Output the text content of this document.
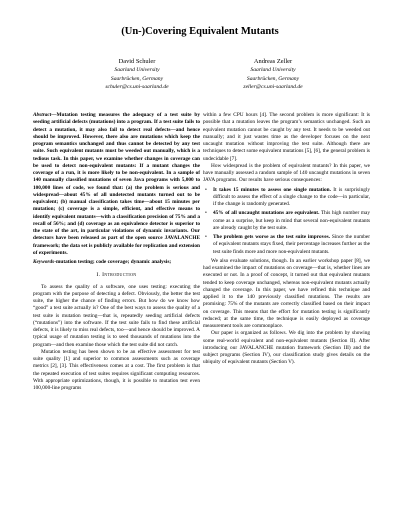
(Un-)Covering Equivalent Mutants
David Schuler
Saarland University
Saarbrücken, Germany
schuler@cs.uni-saarland.de
Andreas Zeller
Saarland University
Saarbrücken, Germany
zeller@cs.uni-saarland.de

Abstract—Mutation testing measures the adequacy of a test suite by seeding artificial defects (mutations) into a program. If a test suite fails to detect a mutation, it may also fail to detect real defects—and hence should be improved. However, there also are mutations which keep the program semantics unchanged and thus cannot be detected by any test suite. Such equivalent mutants must be weeded out manually, which is a tedious task. In this paper, we examine whether changes in coverage can be used to detect non-equivalent mutants: If a mutant changes the coverage of a run, it is more likely to be non-equivalent. In a sample of 140 manually classified mutations of seven Java programs with 5,000 to 100,000 lines of code, we found that: (a) the problem is serious and widespread—about 45% of all undetected mutants turned out to be equivalent; (b) manual classification takes time—about 15 minutes per mutation; (c) coverage is a simple, efficient, and effective means to identify equivalent mutants—with a classification precision of 75% and a recall of 56%; and (d) coverage as an equivalence detector is superior to the state of the art, in particular violations of dynamic invariants. Our detectors have been released as part of the open source JAVALANCHE framework; the data set is publicly available for replication and extension of experiments.

Keywords-mutation testing; code coverage; dynamic analysis;

I. Introduction

To assess the quality of a software, one uses testing: executing the program with the purpose of detecting a defect. Obviously, the better the test suite, the higher the chance of finding errors. But how do we know how “good” a test suite actually is? One of the best ways to assess the quality of a test suite is mutation testing—that is, repeatedly seeding artificial defects (“mutations”) into the software. If the test suite fails to find these artificial defects, it is likely to miss real defects, too—and hence should be improved. A typical usage of mutation testing is to seed thousands of mutations into the program—and then examine those which the test suite did not catch.

Mutation testing has been shown to be an effective assessment for test suite quality [1] and superior to common assessments such as coverage metrics [2], [3]. This effectiveness comes at a cost. The first problem is that the repeated execution of test suites requires significant computing resources. With appropriate optimizations, though, it is possible to mutation test even 100,000-line programs

within a few CPU hours [4]. The second problem is more significant: It is possible that a mutation leaves the program’s semantics unchanged. Such an equivalent mutation cannot be caught by any test. It needs to be weeded out manually; and it just wastes time as the developer focuses on the next uncaught mutation without improving the test suite. Although there are techniques to detect some equivalent mutations [5], [6], the general problem is undecidable [7].

How widespread is the problem of equivalent mutants? In this paper, we have manually assessed a random sample of 140 uncaught mutations in seven JAVA programs. Our results have serious consequences:

• It takes 15 minutes to assess one single mutation. It is surprisingly difficult to assess the effect of a single change to the code—in particular, if the change is randomly generated.
• 45% of all uncaught mutations are equivalent. This high number may come as a surprise, but keep in mind that several non-equivalent mutants are already caught by the test suite.
• The problem gets worse as the test suite improves. Since the number of equivalent mutants stays fixed, their percentage increases further as the test suite finds more and more non-equivalent mutants.

We also evaluate solutions, though. In an earlier workshop paper [8], we had examined the impact of mutations on coverage—that is, whether lines are executed or not. In a proof of concept, it turned out that equivalent mutants tended to keep coverage unchanged, whereas non-equivalent mutants actually changed the coverage. In this paper, we have refined this technique and applied it to the 140 previously classified mutations. The results are promising: 75% of the mutants are correctly classified based on their impact on coverage. This means that the effort for mutation testing is significantly reduced; at the same time, the technique is easily deployed as coverage measurement tools are commonplace.

Our paper is organized as follows. We dig into the problem by showing some real-world equivalent and non-equivalent mutants (Section II). After introducing our JAVALANCHE mutation framework (Section III) and the subject programs (Section IV), our classification study gives details on the ubiquity of equivalent mutants (Section V).
